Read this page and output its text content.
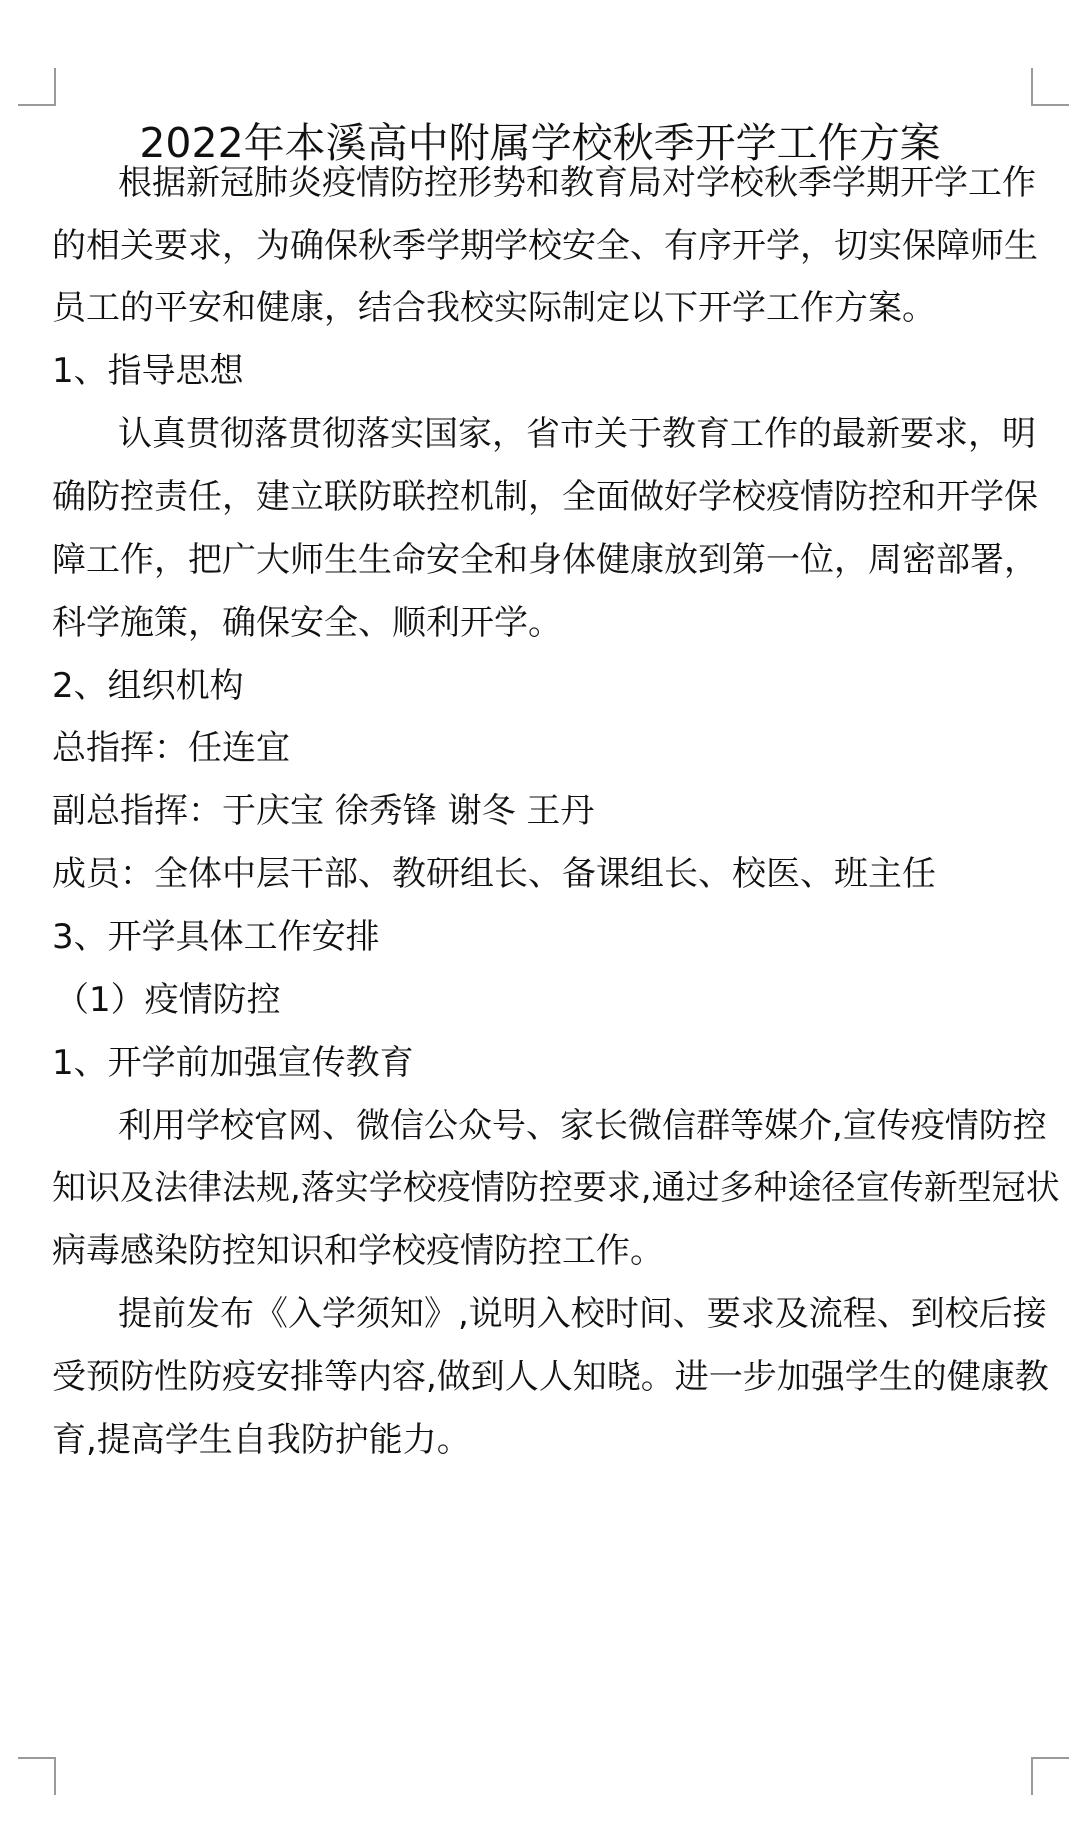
2022年本溪高中附属学校秋季开学工作方案
根据新冠肺炎疫情防控形势和教育局对学校秋季学期开学工作
的相关要求，为确保秋季学期学校安全、有序开学，切实保障师生
员工的平安和健康，结合我校实际制定以下开学工作方案。
1、指导思想
认真贯彻落贯彻落实国家，省市关于教育工作的最新要求，明
确防控责任，建立联防联控机制，全面做好学校疫情防控和开学保
障工作，把广大师生生命安全和身体健康放到第一位，周密部署，
科学施策，确保安全、顺利开学。
2、组织机构
总指挥：任连宜
副总指挥：于庆宝 徐秀锋 谢冬 王丹
成员：全体中层干部、教研组长、备课组长、校医、班主任
3、开学具体工作安排
（1）疫情防控
1、开学前加强宣传教育
利用学校官网、微信公众号、家长微信群等媒介,宣传疫情防控
知识及法律法规,落实学校疫情防控要求,通过多种途径宣传新型冠状
病毒感染防控知识和学校疫情防控工作。
提前发布《入学须知》,说明入校时间、要求及流程、到校后接
受预防性防疫安排等内容,做到人人知晓。进一步加强学生的健康教
育,提高学生自我防护能力。
